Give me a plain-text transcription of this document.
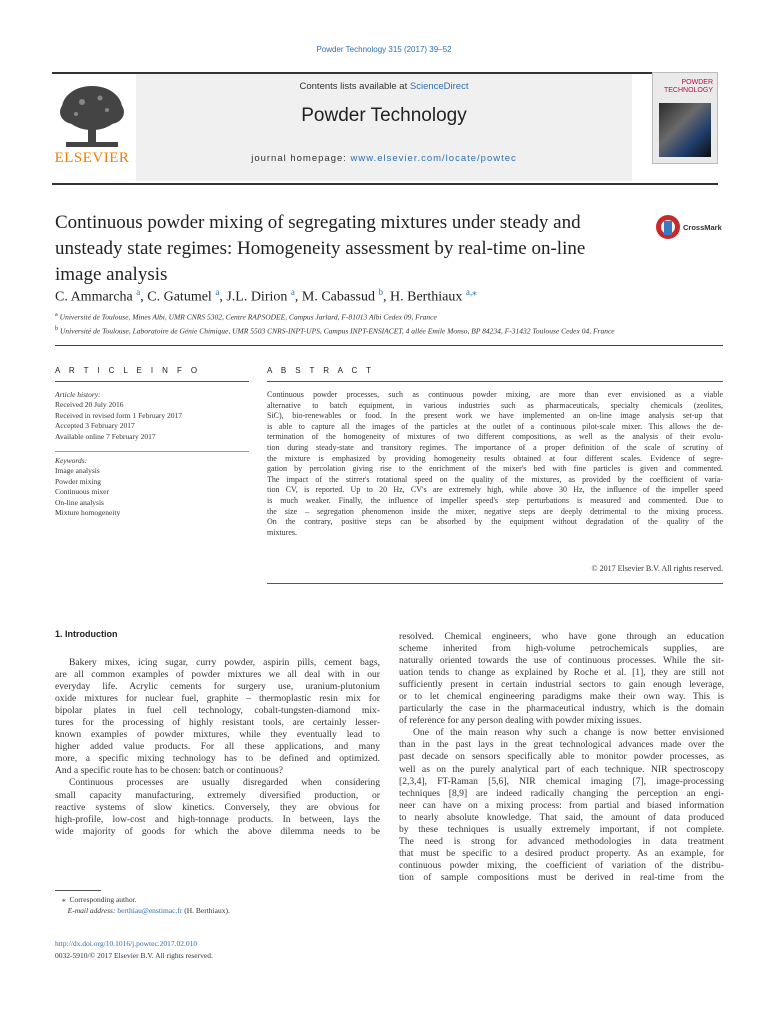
Powder Technology 315 (2017) 39–52
Contents lists available at ScienceDirect
Powder Technology
journal homepage: www.elsevier.com/locate/powtec
ELSEVIER
POWDER TECHNOLOGY
Continuous powder mixing of segregating mixtures under steady and unsteady state regimes: Homogeneity assessment by real-time on-line image analysis
CrossMark
C. Ammarcha $^a$, C. Gatumel $^a$, J.L. Dirion $^a$, M. Cabassud $^b$, H. Berthiaux $^{a,⁎}$
$^a$ Université de Toulouse, Mines Albi, UMR CNRS 5302, Centre RAPSODEE, Campus Jarlard, F-81013 Albi Cedex 09, France
$^b$ Université de Toulouse, Laboratoire de Génie Chimique, UMR 5503 CNRS-INPT-UPS, Campus INPT-ENSIACET, 4 allée Emile Monso, BP 84234, F-31432 Toulouse Cedex 04, France
A R T I C L E I N F O
Article history:
Received 20 July 2016
Received in revised form 1 February 2017
Accepted 3 February 2017
Available online 7 February 2017
Keywords:
Image analysis
Powder mixing
Continuous mixer
On-line analysis
Mixture homogeneity
A B S T R A C T
Continuous powder processes, such as continuous powder mixing, are more than ever envisioned as a viable
alternative to batch equipment, in various industries such as pharmaceuticals, specialty chemicals (zeolites,
SiC), bio-renewables or food. In the present work we have implemented an on-line image analysis set-up that
is able to capture all the images of the particles at the outlet of a continuous pilot-scale mixer. This allows the de-
termination of the homogeneity of mixtures of two different compositions, as well as the analysis of their evolu-
tion during steady-state and transitory regimes. The importance of a proper definition of the scale of scrutiny of
the mixture is emphasized by providing homogeneity results obtained at four different scales. Evidence of segre-
gation by percolation giving rise to the enrichment of the mixer's bed with fine particles is given and commented.
The impact of the stirrer's rotational speed on the quality of the mixtures, as provided by the coefficient of varia-
tion CV, is reported. Up to 20 Hz, CV's are extremely high, while above 30 Hz, the influence of the impeller speed
is much weaker. Finally, the influence of impeller speed's step perturbations is measured and commented. Due to
the size – segregation phenomenon inside the mixer, negative steps are deeply detrimental to the mixing process.
On the contrary, positive steps can be absorbed by the equipment without degradation of the quality of the
mixtures.
© 2017 Elsevier B.V. All rights reserved.
1. Introduction
Bakery mixes, icing sugar, curry powder, aspirin pills, cement bags,
are all common examples of powder mixtures we all deal with in our
everyday life. Acrylic cements for surgery use, uranium-plutonium
oxide mixtures for nuclear fuel, graphite – thermoplastic resin mix for
bipolar plates in fuel cell technology, cobalt-tungsten-diamond mix-
tures for the processing of highly resistant tools, are certainly lesser-
known examples of powder mixtures, while they eventually lead to
higher added value products. For all these applications, and many
more, a specific mixing technology has to be defined and optimized.
And a specific route has to be chosen: batch or continuous?
Continuous processes are usually disregarded when considering
small capacity manufacturing, extremely diversified production, or
reactive systems of slow kinetics. Conversely, they are obvious for
high-profile, low-cost and high-tonnage products. In between, lays the
wide majority of goods for which the above dilemma needs to be
resolved. Chemical engineers, who have gone through an education
scheme inherited from high-volume petrochemicals supplies, are
naturally oriented towards the use of continuous processes. While the sit-
uation tends to change as explained by Roche et al. [1], they are still not
sufficiently present in certain industrial sectors to gain enough leverage,
or to let chemical engineering paradigms make their own way. This is
particularly the case in the pharmaceutical industry, which is the domain
of reference for any person dealing with powder mixing issues.
One of the main reason why such a change is now better envisioned
than in the past lays in the great technological advances made over the
past decade on sensors specifically able to monitor powder processes, as
well as on the purely analytical part of each technique. NIR spectroscopy
[2,3,4], FT-Raman [5,6], NIR chemical imaging [7], image-processing
techniques [8,9] are indeed radically changing the perception an engi-
neer can have on a mixing process: from partial and biased information
to nearly absolute knowledge. That said, the amount of data produced
by these techniques is usually extremely important, if not complete.
The need is strong for advanced methodologies in data treatment
that must be specific to a desired product property. As an example, for
continuous powder mixing, the coefficient of variation of the distribu-
tion of sample compositions must be derived in real-time from the
⁎ Corresponding author.
E-mail address: berthiau@enstimac.fr (H. Berthiaux).
http://dx.doi.org/10.1016/j.powtec.2017.02.010
0032-5910/© 2017 Elsevier B.V. All rights reserved.
